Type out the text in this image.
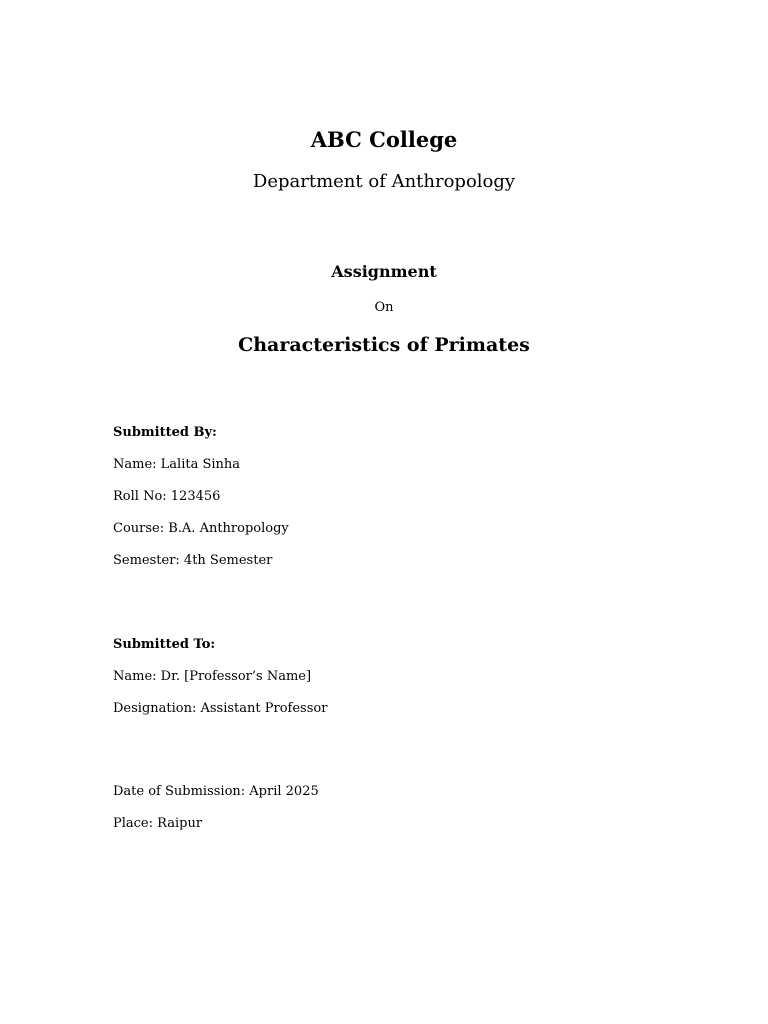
ABC College
Department of Anthropology
Assignment
On
Characteristics of Primates
Submitted By:
Name: Lalita Sinha
Roll No: 123456
Course: B.A. Anthropology
Semester: 4th Semester
Submitted To:
Name: Dr. [Professor’s Name]
Designation: Assistant Professor
Date of Submission: April 2025
Place: Raipur
